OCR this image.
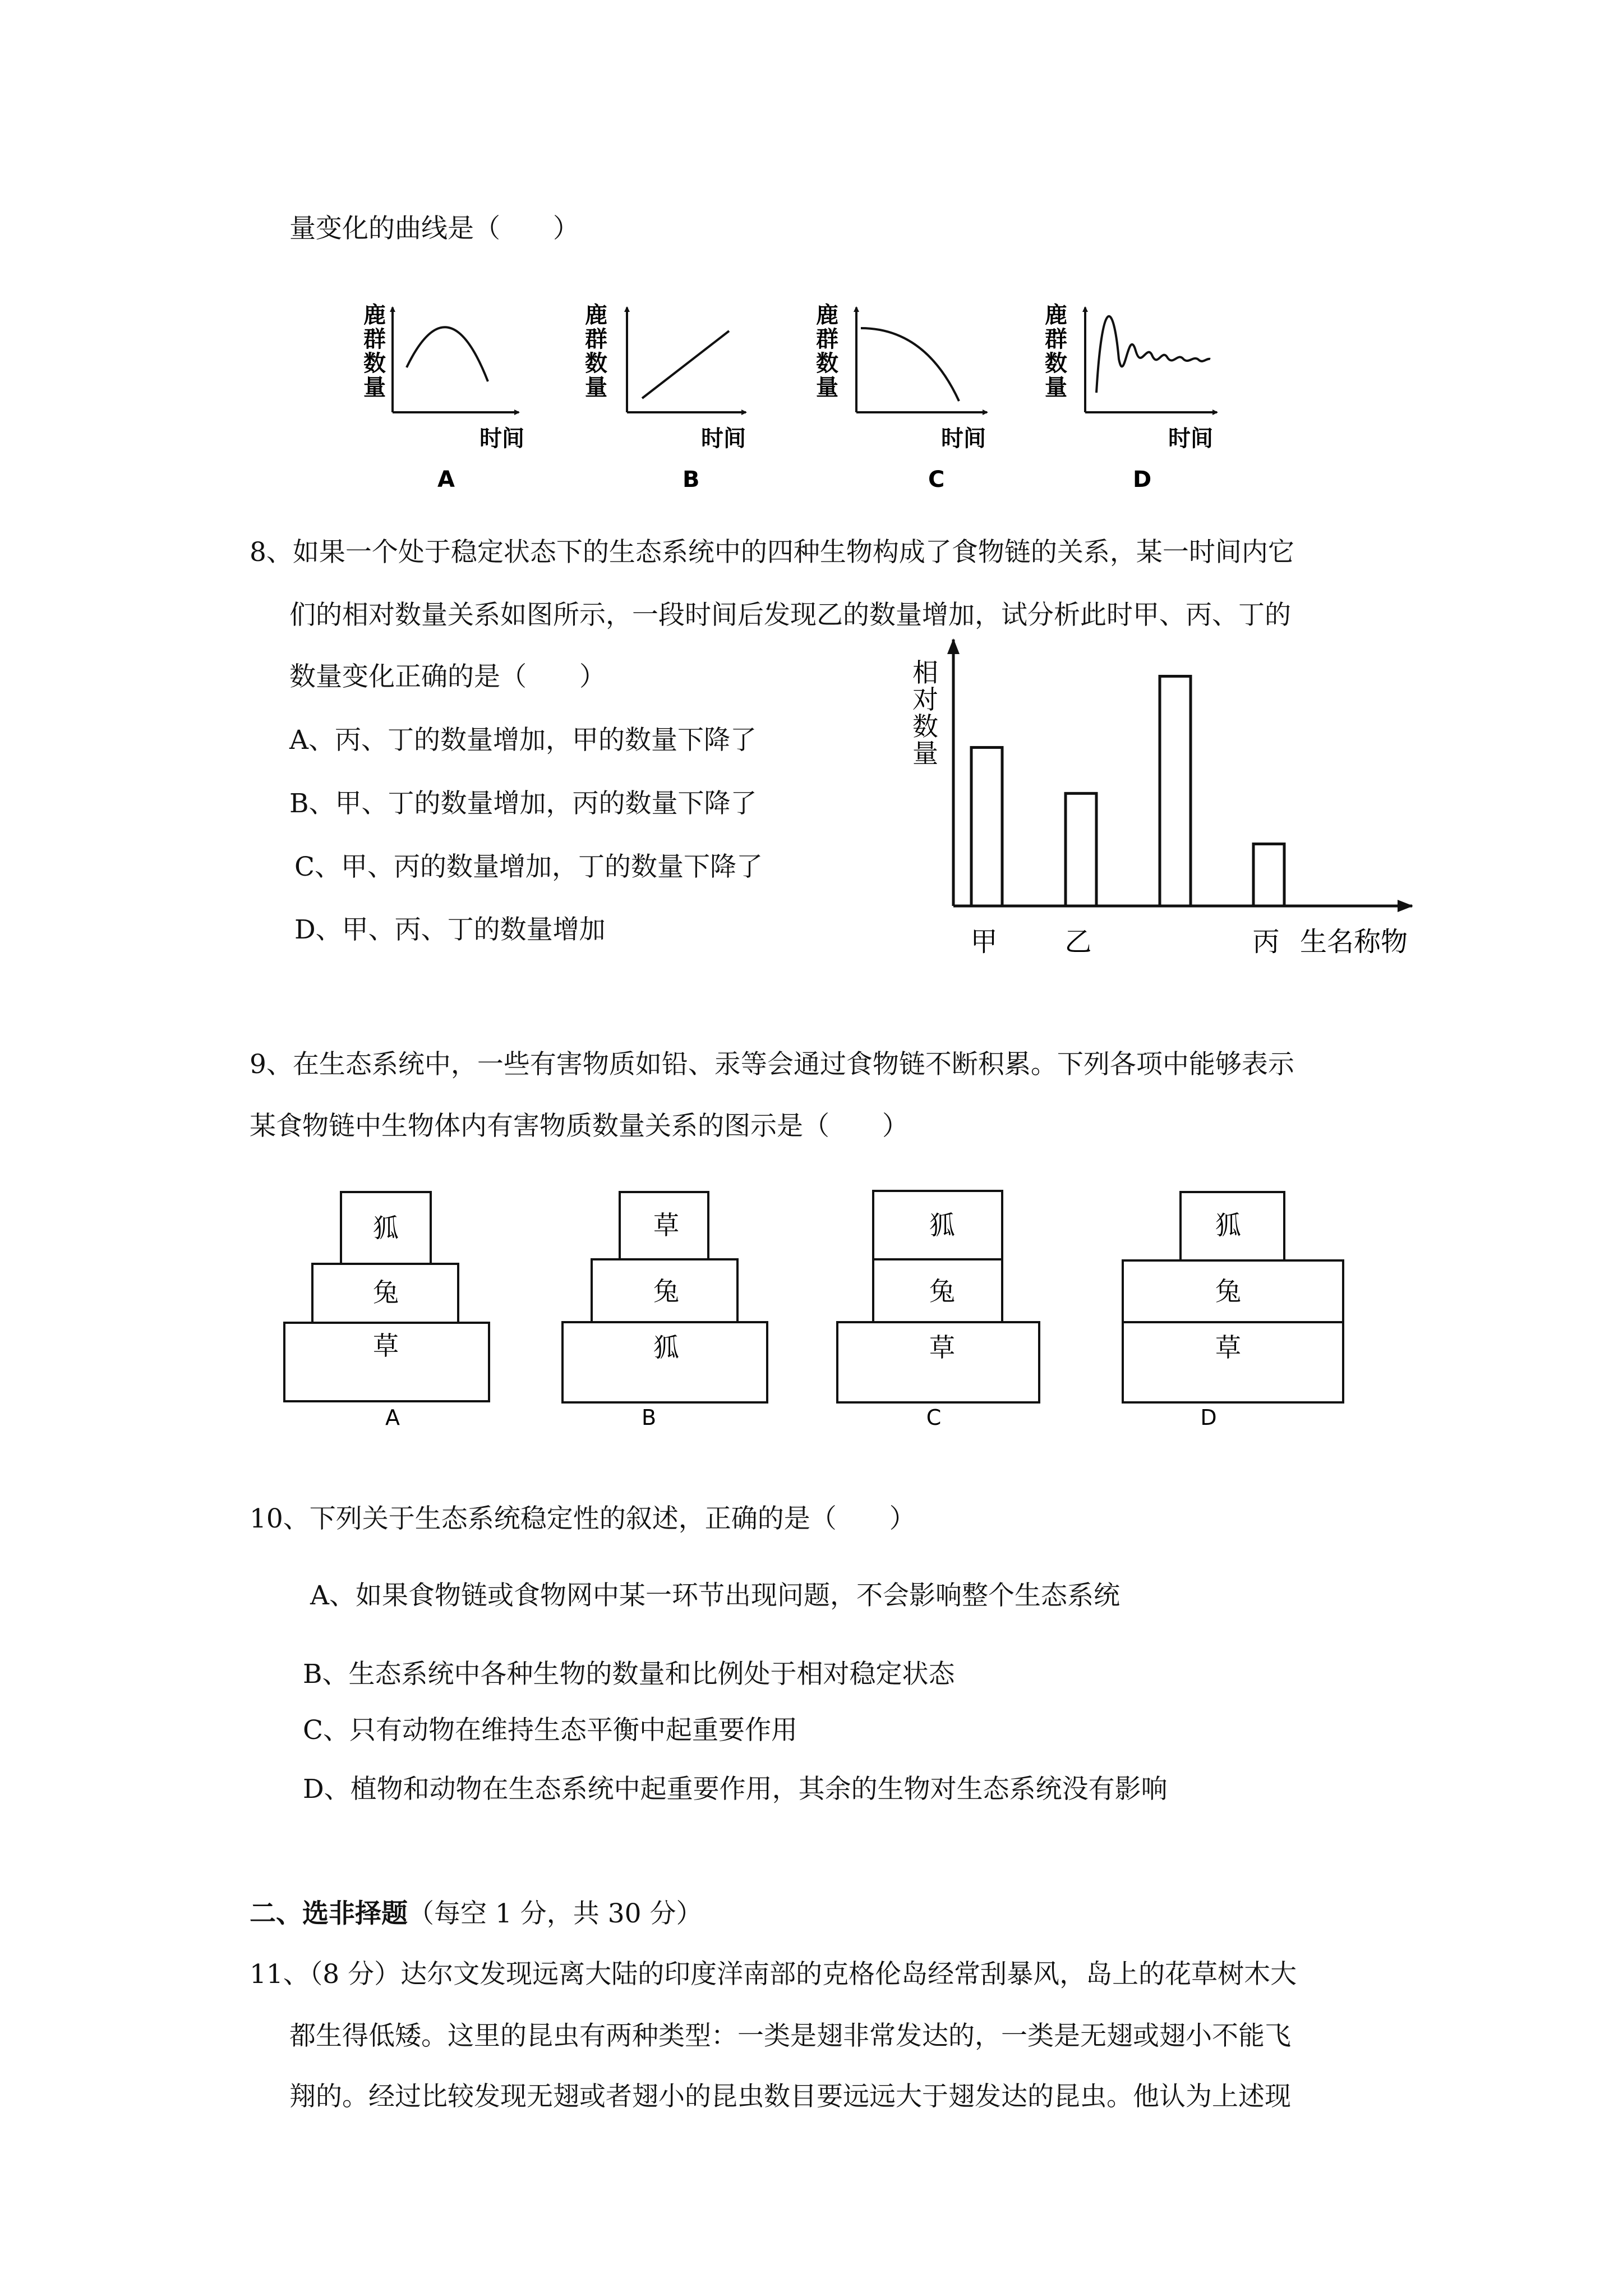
量变化的曲线是（　　）
鹿
群
数
量
时间
A
鹿
群
数
量
时间
B
鹿
群
数
量
时间
C
鹿
群
数
量
时间
D
8、如果一个处于稳定状态下的生态系统中的四种生物构成了食物链的关系，某一时间内它
们的相对数量关系如图所示，一段时间后发现乙的数量增加，试分析此时甲、丙、丁的
数量变化正确的是（　　）
A、丙、丁的数量增加，甲的数量下降了
B、甲、丁的数量增加，丙的数量下降了
C、甲、丙的数量增加，丁的数量下降了
D、甲、丙、丁的数量增加
相
对
数
量
甲 乙	丙 生名称物
9、在生态系统中，一些有害物质如铅、汞等会通过食物链不断积累。下列各项中能够表示
某食物链中生物体内有害物质数量关系的图示是（　　）
狐
兔
草
A
草
兔
狐
B
狐
兔
草
C
狐
兔
草
D
10、下列关于生态系统稳定性的叙述，正确的是（　　）
A、如果食物链或食物网中某一环节出现问题，不会影响整个生态系统
B、生态系统中各种生物的数量和比例处于相对稳定状态
C、只有动物在维持生态平衡中起重要作用
D、植物和动物在生态系统中起重要作用，其余的生物对生态系统没有影响
二、选非择题（每空 1 分，共 30 分）
11、（8 分）达尔文发现远离大陆的印度洋南部的克格伦岛经常刮暴风，岛上的花草树木大
都生得低矮。这里的昆虫有两种类型：一类是翅非常发达的，一类是无翅或翅小不能飞
翔的。经过比较发现无翅或者翅小的昆虫数目要远远大于翅发达的昆虫。他认为上述现
